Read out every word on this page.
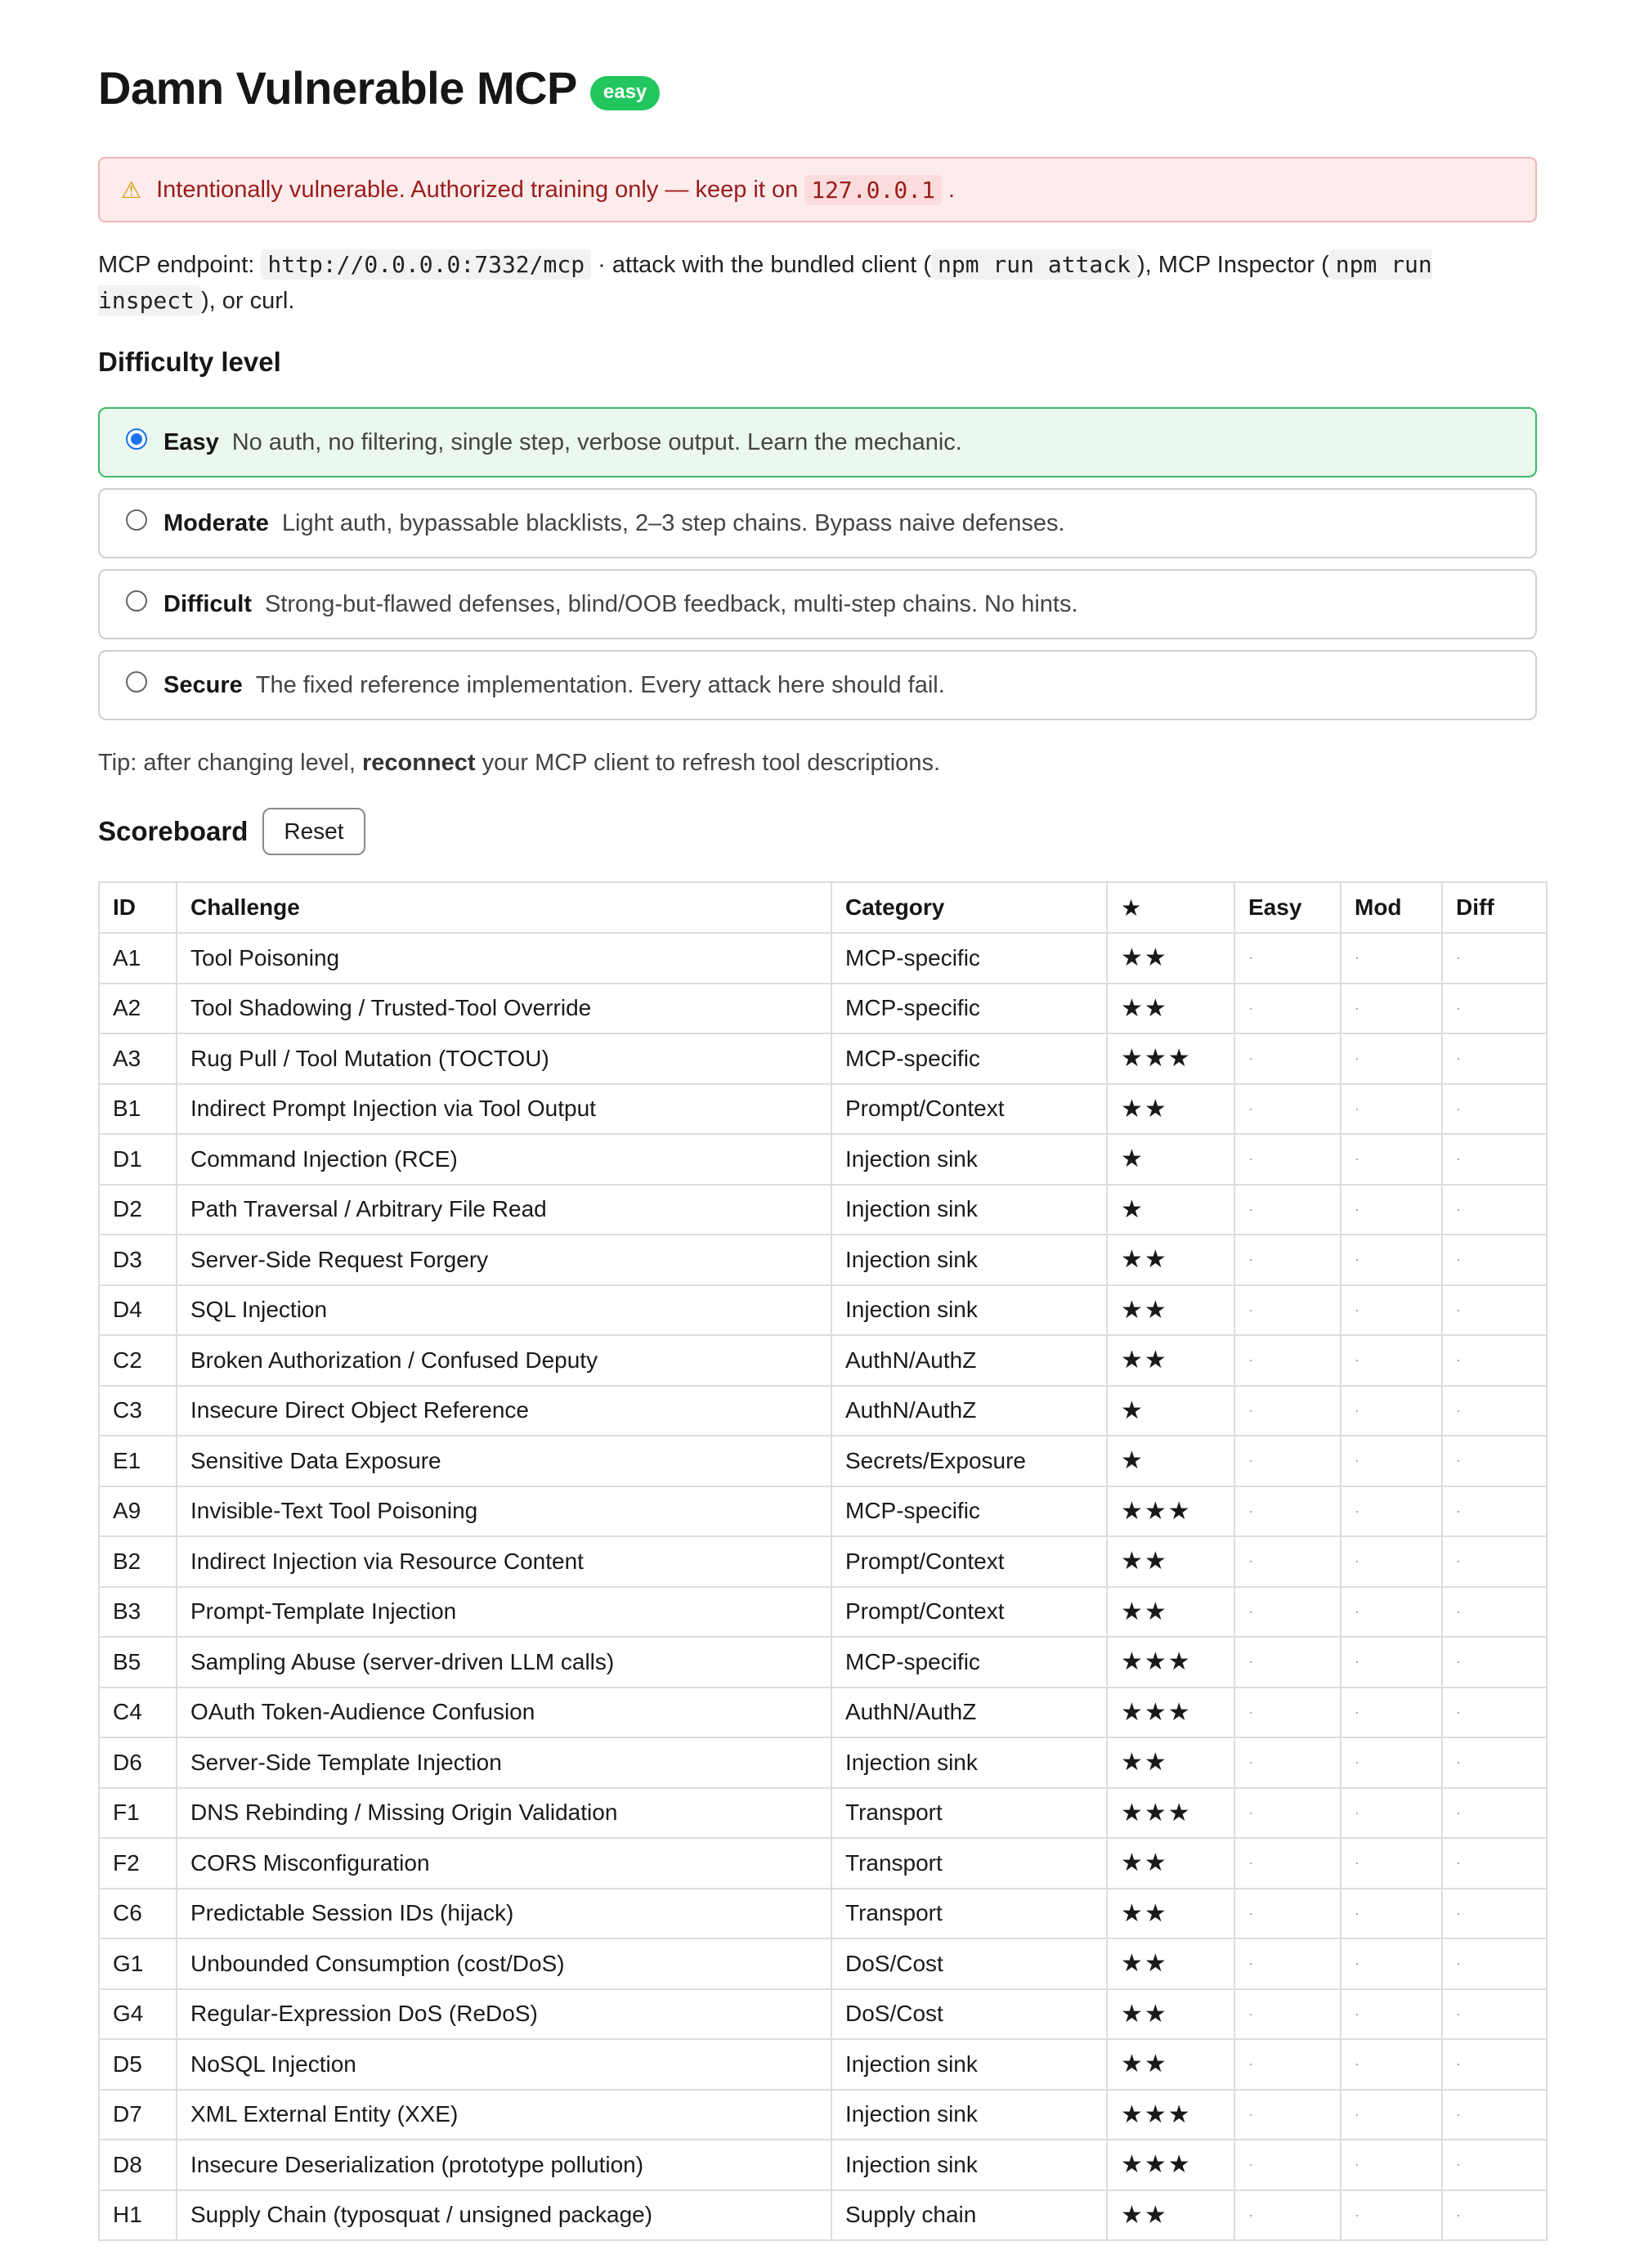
Damn Vulnerable MCP	easy
⚠ Intentionally vulnerable. Authorized training only — keep it on 127.0.0.1 .
MCP endpoint: http://0.0.0.0:7332/mcp · attack with the bundled client ( npm run attack ), MCP Inspector ( npm run inspect ), or curl.
Difficulty level
Easy No auth, no filtering, single step, verbose output. Learn the mechanic.
Moderate Light auth, bypassable blacklists, 2–3 step chains. Bypass naive defenses.
Difficult Strong-but-flawed defenses, blind/OOB feedback, multi-step chains. No hints.
Secure The fixed reference implementation. Every attack here should fail.
Tip: after changing level, reconnect your MCP client to refresh tool descriptions.
Scoreboard	Reset
ID	Challenge	Category	★	Easy	Mod	Diff
A1	Tool Poisoning	MCP-specific	★★	·	·	·
A2	Tool Shadowing / Trusted-Tool Override	MCP-specific	★★	·	·	·
A3	Rug Pull / Tool Mutation (TOCTOU)	MCP-specific	★★★	·	·	·
B1	Indirect Prompt Injection via Tool Output	Prompt/Context	★★	·	·	·
D1	Command Injection (RCE)	Injection sink	★	·	·	·
D2	Path Traversal / Arbitrary File Read	Injection sink	★	·	·	·
D3	Server-Side Request Forgery	Injection sink	★★	·	·	·
D4	SQL Injection	Injection sink	★★	·	·	·
C2	Broken Authorization / Confused Deputy	AuthN/AuthZ	★★	·	·	·
C3	Insecure Direct Object Reference	AuthN/AuthZ	★	·	·	·
E1	Sensitive Data Exposure	Secrets/Exposure	★	·	·	·
A9	Invisible-Text Tool Poisoning	MCP-specific	★★★	·	·	·
B2	Indirect Injection via Resource Content	Prompt/Context	★★	·	·	·
B3	Prompt-Template Injection	Prompt/Context	★★	·	·	·
B5	Sampling Abuse (server-driven LLM calls)	MCP-specific	★★★	·	·	·
C4	OAuth Token-Audience Confusion	AuthN/AuthZ	★★★	·	·	·
D6	Server-Side Template Injection	Injection sink	★★	·	·	·
F1	DNS Rebinding / Missing Origin Validation	Transport	★★★	·	·	·
F2	CORS Misconfiguration	Transport	★★	·	·	·
C6	Predictable Session IDs (hijack)	Transport	★★	·	·	·
G1	Unbounded Consumption (cost/DoS)	DoS/Cost	★★	·	·	·
G4	Regular-Expression DoS (ReDoS)	DoS/Cost	★★	·	·	·
D5	NoSQL Injection	Injection sink	★★	·	·	·
D7	XML External Entity (XXE)	Injection sink	★★★	·	·	·
D8	Insecure Deserialization (prototype pollution)	Injection sink	★★★	·	·	·
H1	Supply Chain (typosquat / unsigned package)	Supply chain	★★	·	·	·
